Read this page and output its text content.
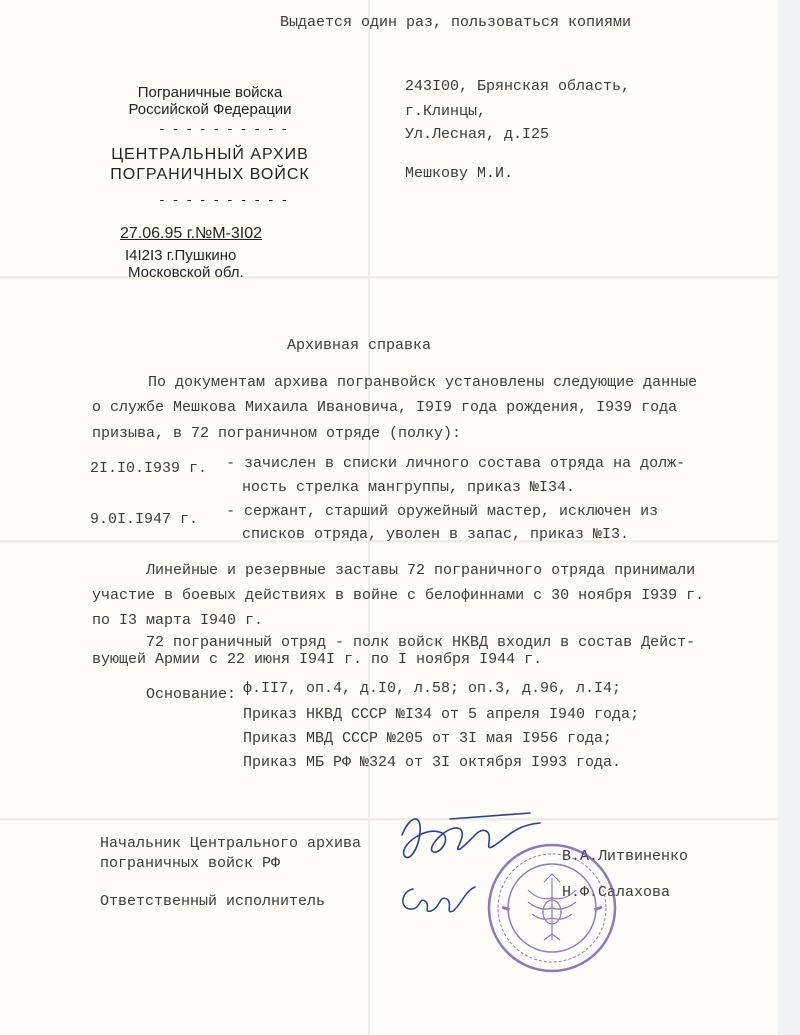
Выдается один раз, пользоваться копиями
Пограничные войска
Российской Федерации
- - - - - - - - - -
ЦЕНТРАЛЬНЫЙ АРХИВ
ПОГРАНИЧНЫХ ВОЙСК
- - - - - - - - - -
27.06.95 г.№М-3I02
I4I2I3 г.Пушкино
Московской обл.
243I00, Брянская область,
г.Клинцы,
Ул.Лесная, д.I25
Мешкову М.И.
Архивная справка
По документам архива погранвойск установлены следующие данные
о службе Мешкова Михаила Ивановича, I9I9 года рождения, I939 года
призыва, в 72 пограничном отряде (полку):
2I.I0.I939 г. - зачислен в списки личного состава отряда на долж-
ность стрелка мангруппы, приказ №I34.
9.0I.I947 г. - сержант, старший оружейный мастер, исключен из
списков отряда, уволен в запас, приказ №I3.
Линейные и резервные заставы 72 пограничного отряда принимали
участие в боевых действиях в войне с белофиннами с 30 ноября I939 г.
по I3 марта I940 г.
72 пограничный отряд - полк войск НКВД входил в состав Дейст-
вующей Армии с 22 июня I94I г. по I ноября I944 г.
Основание: ф.II7, оп.4, д.I0, л.58; оп.3, д.96, л.I4;
Приказ НКВД СССР №I34 от 5 апреля I940 года;
Приказ МВД СССР №205 от 3I мая I956 года;
Приказ МБ РФ №324 от 3I октября I993 года.
Начальник Центрального архива
пограничных войск РФ	В.А.Литвиненко
Ответственный исполнитель
Н.Ф.Салахова
